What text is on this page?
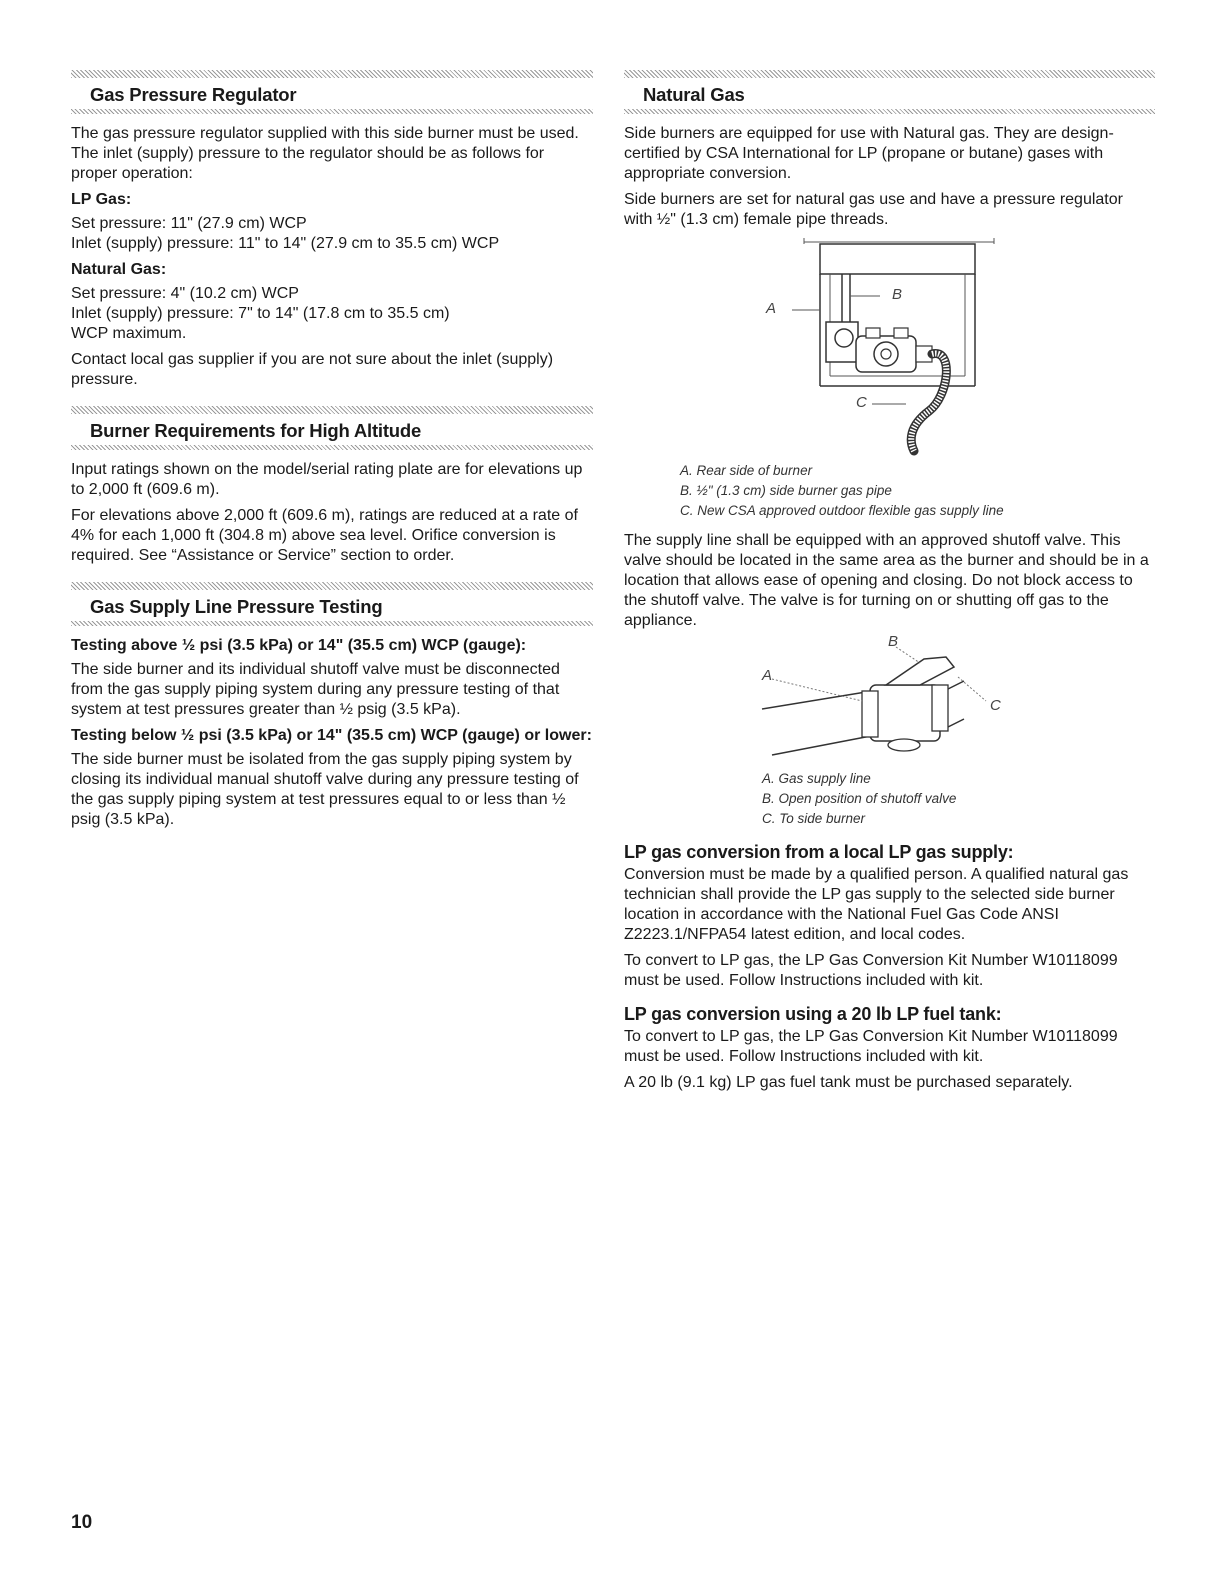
Gas Pressure Regulator

The gas pressure regulator supplied with this side burner must be used. The inlet (supply) pressure to the regulator should be as follows for proper operation:

LP Gas:

Set pressure: 11" (27.9 cm) WCP

Inlet (supply) pressure: 11" to 14" (27.9 cm to 35.5 cm) WCP

Natural Gas:

Set pressure: 4" (10.2 cm) WCP

Inlet (supply) pressure: 7" to 14" (17.8 cm to 35.5 cm)

WCP maximum.

Contact local gas supplier if you are not sure about the inlet (supply) pressure.

Burner Requirements for High Altitude

Input ratings shown on the model/serial rating plate are for elevations up to 2,000 ft (609.6 m).

For elevations above 2,000 ft (609.6 m), ratings are reduced at a rate of 4% for each 1,000 ft (304.8 m) above sea level. Orifice conversion is required. See “Assistance or Service” section to order.

Gas Supply Line Pressure Testing

Testing above ½ psi (3.5 kPa) or 14" (35.5 cm) WCP (gauge):

The side burner and its individual shutoff valve must be disconnected from the gas supply piping system during any pressure testing of that system at test pressures greater than ½ psig (3.5 kPa).

Testing below ½ psi (3.5 kPa) or 14" (35.5 cm) WCP (gauge) or lower:

The side burner must be isolated from the gas supply piping system by closing its individual manual shutoff valve during any pressure testing of the gas supply piping system at test pressures equal to or less than ½ psig (3.5 kPa).

Natural Gas

Side burners are equipped for use with Natural gas. They are design-certified by CSA International for LP (propane or butane) gases with appropriate conversion.

Side burners are set for natural gas use and have a pressure regulator with ½" (1.3 cm) female pipe threads.

A
B
C

A. Rear side of burner

B. ½" (1.3 cm) side burner gas pipe

C. New CSA approved outdoor flexible gas supply line

The supply line shall be equipped with an approved shutoff valve. This valve should be located in the same area as the burner and should be in a location that allows ease of opening and closing. Do not block access to the shutoff valve. The valve is for turning on or shutting off gas to the appliance.

A
B
C

A. Gas supply line

B. Open position of shutoff valve

C. To side burner

LP gas conversion from a local LP gas supply:

Conversion must be made by a qualified person. A qualified natural gas technician shall provide the LP gas supply to the selected side burner location in accordance with the National Fuel Gas Code ANSI Z2223.1/NFPA54 latest edition, and local codes.

To convert to LP gas, the LP Gas Conversion Kit Number W10118099 must be used. Follow Instructions included with kit.

LP gas conversion using a 20 lb LP fuel tank:

To convert to LP gas, the LP Gas Conversion Kit Number W10118099 must be used. Follow Instructions included with kit.

A 20 lb (9.1 kg) LP gas fuel tank must be purchased separately.

10
